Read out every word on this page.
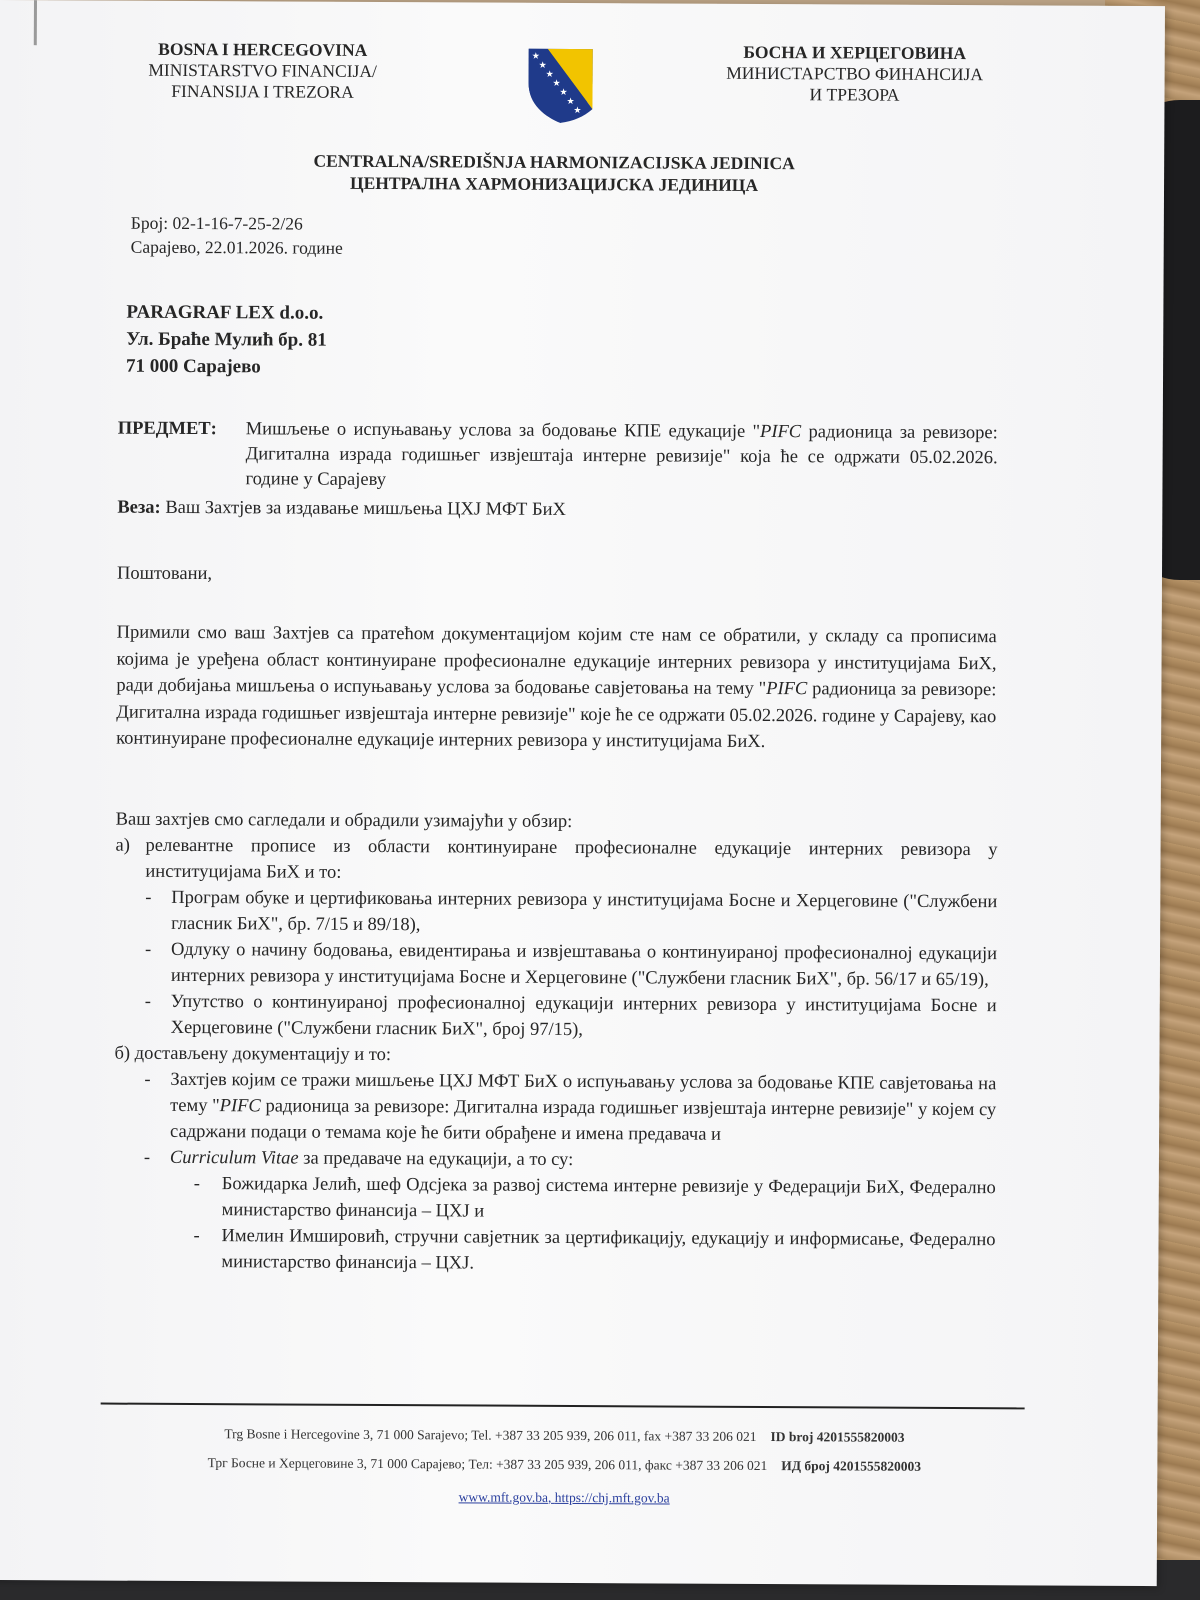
BOSNA I HERCEGOVINA
MINISTARSTVO FINANCIJA/
FINANSIJA I TREZORA
★
★
★
★
★
★
★
БОСНА И ХЕРЦЕГОВИНА
МИНИСТАРСТВО ФИНАНСИЈА
И ТРЕЗОРА
CENTRALNA/SREDIŠNJA HARMONIZACIJSKA JEDINICA
ЦЕНТРАЛНА ХАРМОНИЗАЦИЈСКА ЈЕДИНИЦА
Број: 02-1-16-7-25-2/26
Сарајево, 22.01.2026. године
PARAGRAF LEX d.o.o.
Ул. Браће Мулић бр. 81
71 000 Сарајево
ПРЕДМЕТ: Мишљење о испуњавању услова за бодовање КПЕ едукације "PIFC радионица за ревизоре: Дигитална израда годишњег извјештаја интерне ревизије" која ће се одржати 05.02.2026. године у Сарајеву
Веза: Ваш Захтјев за издавање мишљења ЦХЈ МФТ БиХ
Поштовани,

Примили смо ваш Захтјев са пратећом документацијом којим сте нам се обратили, у складу са прописима којима је уређена област континуиране професионалне едукације интерних ревизора у институцијама БиХ, ради добијања мишљења о испуњавању услова за бодовање савјетовања на тему "PIFC радионица за ревизоре: Дигитална израда годишњег извјештаја интерне ревизије" које ће се одржати 05.02.2026. године у Сарајеву, као континуиране професионалне едукације интерних ревизора у институцијама БиХ.

Ваш захтјев смо сагледали и обрадили узимајући у обзир:

а) релевантне прописе из области континуиране професионалне едукације интерних ревизора у институцијама БиХ и то:
- Програм обуке и цертификовања интерних ревизора у институцијама Босне и Херцеговине ("Службени гласник БиХ", бр. 7/15 и 89/18),
- Одлуку о начину бодовања, евидентирања и извјештавања о континуираној професионалној едукацији интерних ревизора у институцијама Босне и Херцеговине ("Службени гласник БиХ", бр. 56/17 и 65/19),
- Упутство о континуираној професионалној едукацији интерних ревизора у институцијама Босне и Херцеговине ("Службени гласник БиХ", број 97/15),
б) достављену документацију и то:
- Захтјев којим се тражи мишљење ЦХЈ МФТ БиХ о испуњавању услова за бодовање КПЕ савјетовања на тему "PIFC радионица за ревизоре: Дигитална израда годишњег извјештаја интерне ревизије" у којем су садржани подаци о темама које ће бити обрађене и имена предавача и
- Curriculum Vitae за предаваче на едукацији, а то су:
- Божидарка Јелић, шеф Одсјека за развој система интерне ревизије у Федерацији БиХ, Федерално министарство финансија – ЦХЈ и
- Имелин Имшировић, стручни савјетник за цертификацију, едукацију и информисање, Федерално министарство финансија – ЦХЈ.
Trg Bosne i Hercegovine 3, 71 000 Sarajevo; Tel. +387 33 205 939, 206 011, fax +387 33 206 021 ID broj 4201555820003
Трг Босне и Херцеговине 3, 71 000 Сарајево; Тел: +387 33 205 939, 206 011, факс +387 33 206 021 ИД број 4201555820003
www.mft.gov.ba, https://chj.mft.gov.ba
